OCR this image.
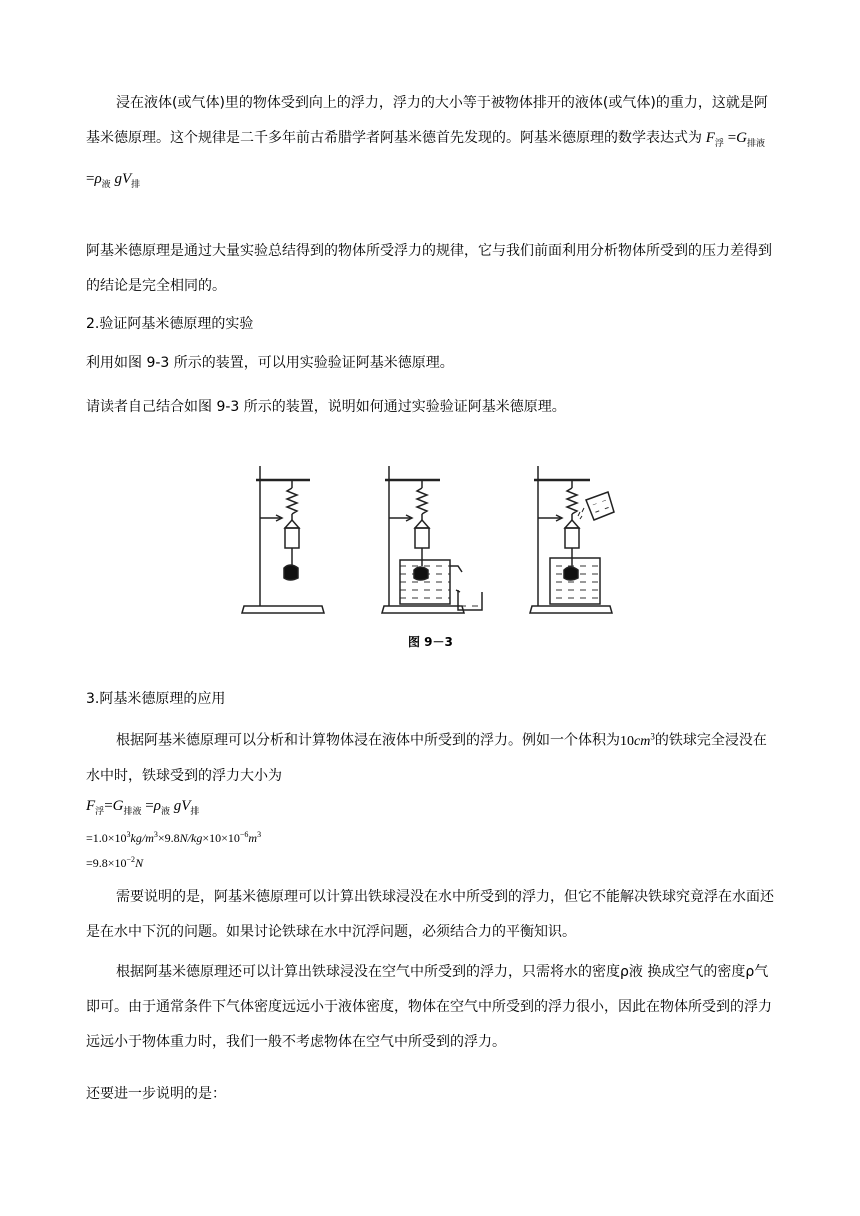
浸在液体(或气体)里的物体受到向上的浮力，浮力的大小等于被物体排开的液体(或气体)的重力，这就是阿基米德原理。这个规律是二千多年前古希腊学者阿基米德首先发现的。阿基米德原理的数学表达式为 $F_浮 =G_{排液} =\rho_液$ $gV_排$

阿基米德原理是通过大量实验总结得到的物体所受浮力的规律，它与我们前面利用分析物体所受到的压力差得到的结论是完全相同的。

2.验证阿基米德原理的实验

利用如图 9-3 所示的装置，可以用实验验证阿基米德原理。

请读者自己结合如图 9-3 所示的装置，说明如何通过实验验证阿基米德原理。

图 9－3

3.阿基米德原理的应用

根据阿基米德原理可以分析和计算物体浸在液体中所受到的浮力。例如一个体积为$10cm^3$的铁球完全浸没在水中时，铁球受到的浮力大小为

$F_浮=G_{排液} =\rho_液$ $gV_排$
$=1.0\times 10^3kg/m^3\times 9.8N/kg\times 10\times 10^{-6}m^3$
$=9.8\times 10^{-2}N$

需要说明的是，阿基米德原理可以计算出铁球浸没在水中所受到的浮力，但它不能解决铁球究竟浮在水面还是在水中下沉的问题。如果讨论铁球在水中沉浮问题，必须结合力的平衡知识。

根据阿基米德原理还可以计算出铁球浸没在空气中所受到的浮力，只需将水的密度ρ液 换成空气的密度ρ气即可。由于通常条件下气体密度远远小于液体密度，物体在空气中所受到的浮力很小，因此在物体所受到的浮力远远小于物体重力时，我们一般不考虑物体在空气中所受到的浮力。

还要进一步说明的是：
